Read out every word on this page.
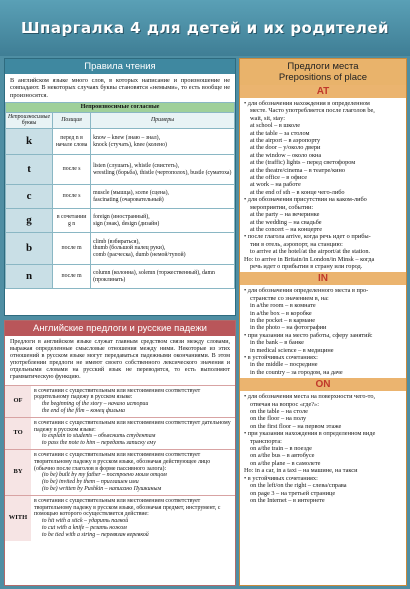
Шпаргалка 4 для детей и их родителей
Правила чтения
В английском языке много слов, в которых написание и произношение не совпадают. В некоторых случаях буквы становятся «немыми», то есть вообще не произносятся.
Непроизносимые согласные		
Непроизносимые буквы	Позиция	Примеры
k	перед n в начале слова	know – knew (знаю – знал),
knock (стучать), knee (колено)

t	после s	listen (слушать), whistle (свистеть),
wrestling (борьба), thistle (чертополох), bustle (суматоха)

c	после s	muscle (мышца), scene (сцена),
fascinating (очаровательный)

g	в сочетании g n	foreign (иностранный),
sign (знак), design (дизайн)

b	после m	climb (взбираться),
thumb (большой палец руки),
comb (расческа), dumb (немой/тупой)

n	после m	column (колонна), solemn (торжественный), damn (проклинать)
Английские предлоги и русские падежи
Предлоги в английском языке служат главным средством связи между словами, выражая определенные смысловые отношения между ними. Некоторые из этих отношений в русском языке могут передаваться падежными окончаниями. В этом употреблении предлоги не имеют своего собственного лексического значения и отдельными словами на русский язык не переводятся, то есть выполняют грамматическую функцию.
OF	в сочетании с существительным или местоимением соответствует родительному падежу в русском языке:
the beginning of the story – начало истории
the end of the film – конец фильма

TO	в сочетании с существительным или местоимением соответствует дательному падежу в русском языке:
to explain to students – объяснить студентам
to pass the note to him – передать записку ему

BY	в сочетании с существительным или местоимением соответствует творительному падежу в русском языке, обозначая действующее лицо (обычно после глаголов в форме пассивного залога):
(to be) built by my father – построено моим отцом
(to be) invited by them – приглашен ими
(to be) written by Pushkin – написано Пушкиным

WITH	в сочетании с существительным или местоимением соответствует творительному падежу в русском языке, обозначая предмет, инструмент, с помощью которого осуществляется действие:
to hit with a stick – ударить палкой
to cut with a knife – резать ножом
to be tied with a string – перевязан веревкой
Предлоги места
Prepositions of place
AT
• для обозначения нахождения в определенном
месте. Часто употребляется после глаголов be,
wait, sit, stay:
at school – в школе
at the table – за столом
at the airport – в аэропорту
at the door – у/около двери
at the window – около окна
at the (traffic) lights – перед светофором
at the theatre/cinema – в театре/кино
at the office – в офисе
at work – на работе
at the end of sth – в конце чего-либо
• для обозначения присутствия на каком-либо
мероприятии, событии:
at the party – на вечеринке
at the wedding – на свадьбе
at the concert – на концерте
• после глагола arrive, когда речь идет о прибы-
тии в отель, аэропорт, на станцию:
to arrive at the hotel/at the airport/at the station.
Но: to arrive in Britain/in London/in Minsk – когда
речь идет о прибытии в страну или город.
IN
• для обозначения определенного места в про-
странстве со значением в, на:
in a/the room – в комнате
in a/the box – в коробке
in the pocket – в кармане
in the photo – на фотографии
• при указании на место работы, сферу занятий:
in the bank – в банке
in medical science – в медицине
• в устойчивых сочетаниях:
in the middle – посредине
in the country – за городом, на даче
ON
• для обозначения места на поверхности чего-то,
отвечая на вопрос «где?»:
on the table – на столе
on the floor – на полу
on the first floor – на первом этаже
• при указании нахождения в определенном виде
транспорта:
on a/the train – в поезде
on a/the bus – в автобусе
on a/the plane – в самолете
Но: in a car, in a taxi – на машине, на такси
• в устойчивых сочетаниях:
on the left/on the right – слева/справа
on page 3 – на третьей странице
on the Internet – в интернете
